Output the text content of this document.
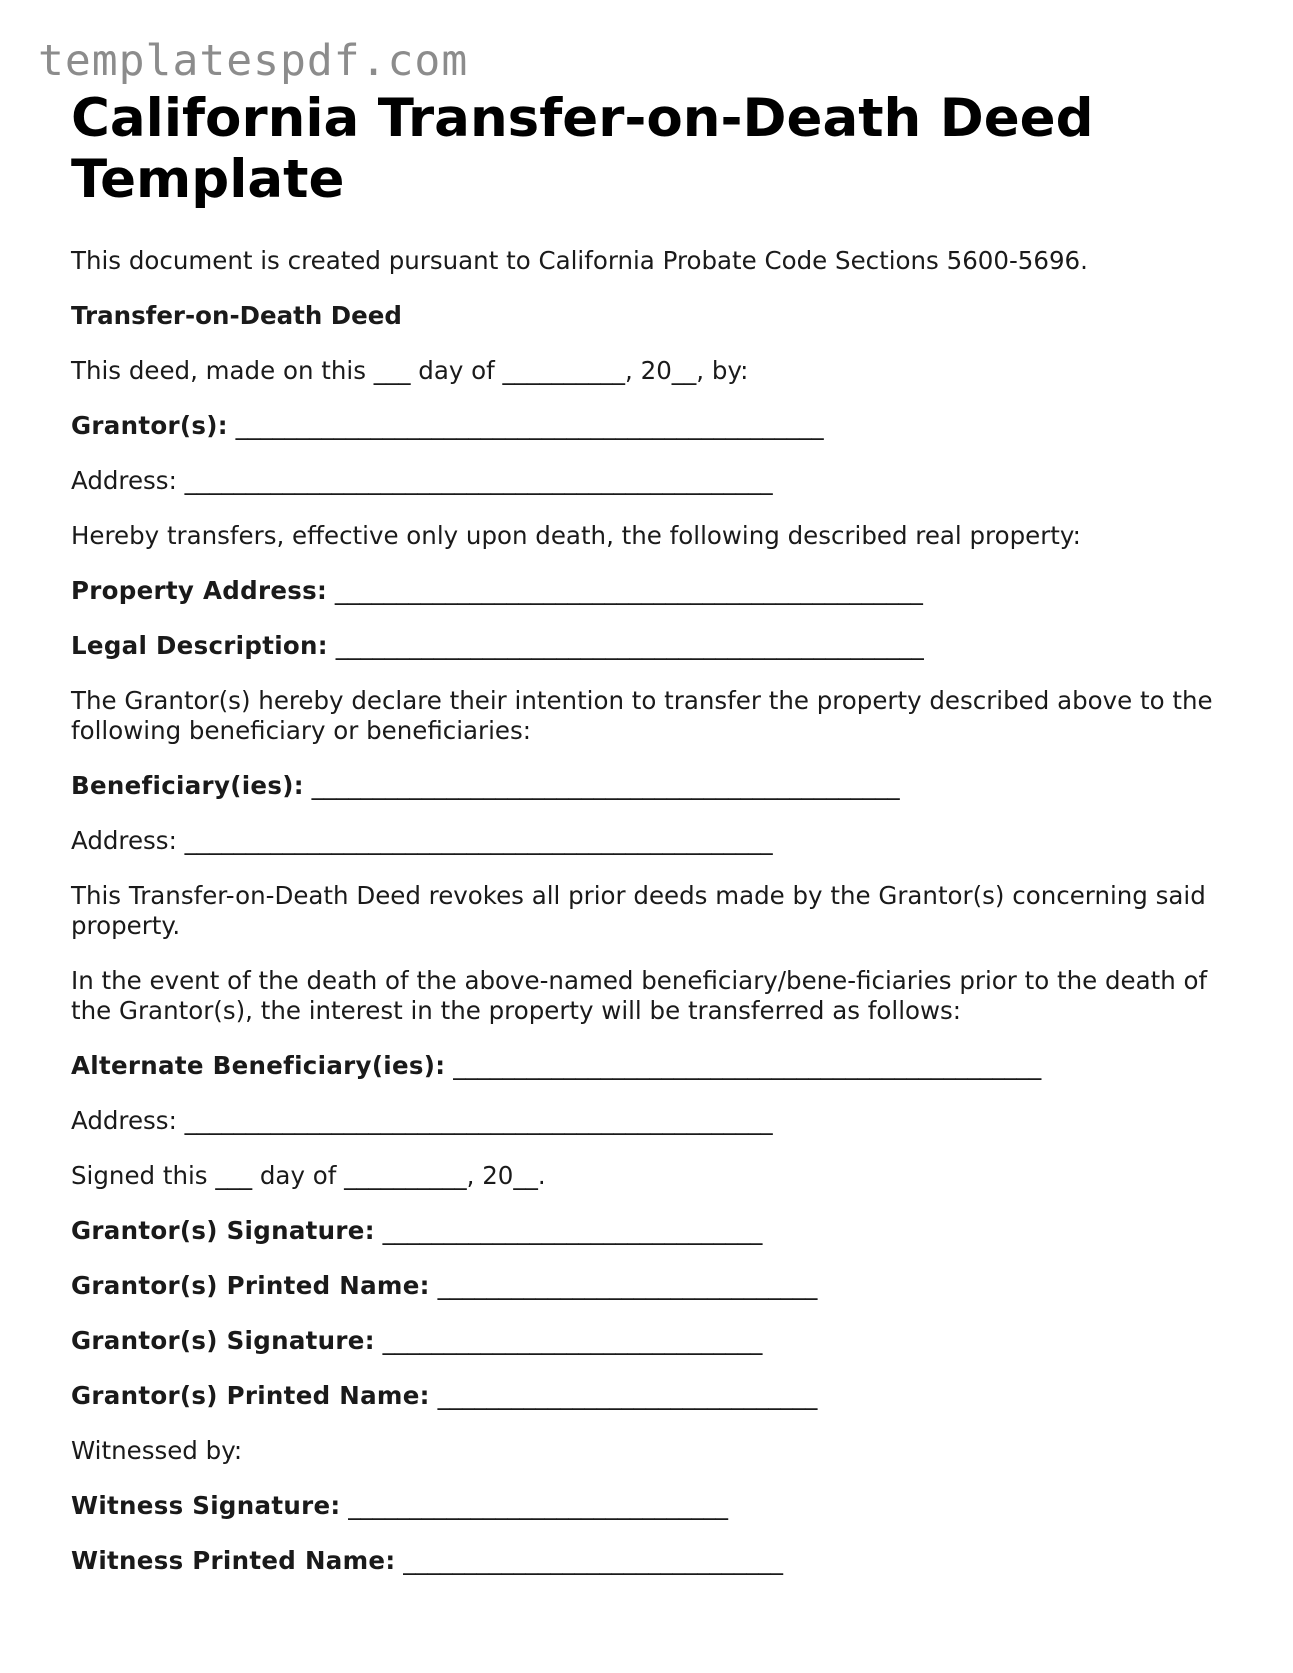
templatespdf.com
California Transfer-on-Death Deed Template

This document is created pursuant to California Probate Code Sections 5600-5696.

Transfer-on-Death Deed

This deed, made on this ___ day of __________, 20__, by:

Grantor(s): ________________________________________________

Address: ________________________________________________

Hereby transfers, effective only upon death, the following described real property:

Property Address: ________________________________________________

Legal Description: ________________________________________________

The Grantor(s) hereby declare their intention to transfer the property described above to the following beneficiary or beneficiaries:

Beneficiary(ies): ________________________________________________

Address: ________________________________________________

This Transfer-on-Death Deed revokes all prior deeds made by the Grantor(s) concerning said property.

In the event of the death of the above-named beneficiary/bene-ficiaries prior to the death of the Grantor(s), the interest in the property will be transferred as follows:

Alternate Beneficiary(ies): ________________________________________________

Address: ________________________________________________

Signed this ___ day of __________, 20__.

Grantor(s) Signature: _______________________________

Grantor(s) Printed Name: _______________________________

Grantor(s) Signature: _______________________________

Grantor(s) Printed Name: _______________________________

Witnessed by:

Witness Signature: _______________________________

Witness Printed Name: _______________________________
